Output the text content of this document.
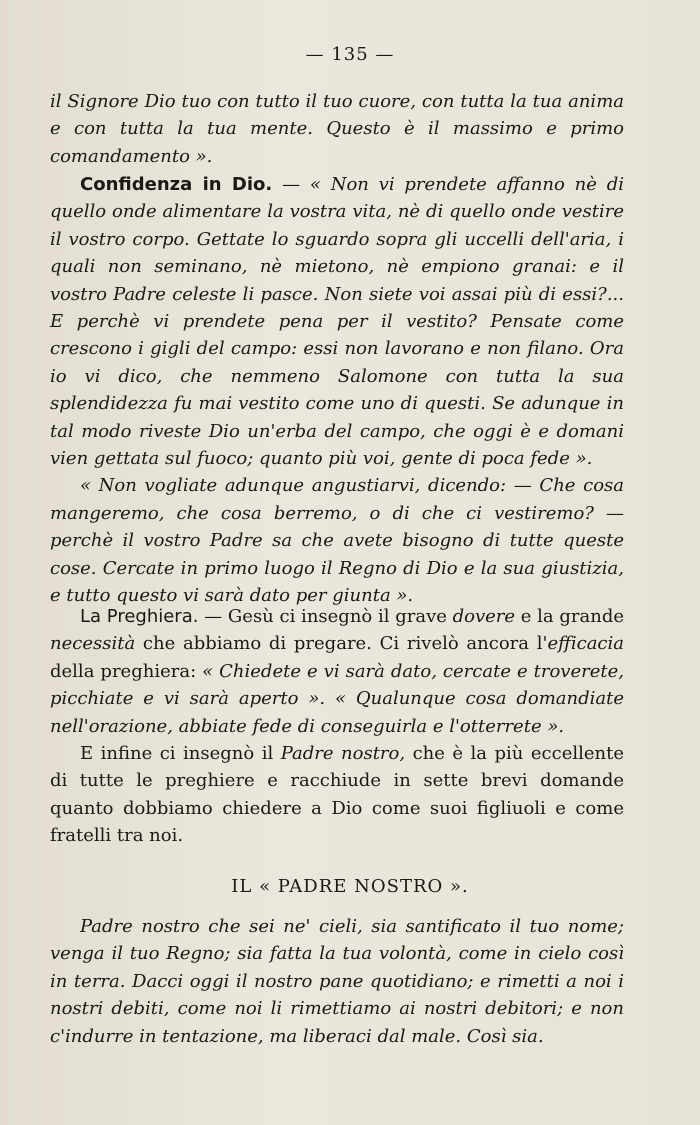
— 135 —

il Signore Dio tuo con tutto il tuo cuore, con tutta la tua anima e con tutta la tua mente. Questo è il massimo e primo comandamento ».

Confidenza in Dio. — « Non vi prendete affanno nè di quello onde alimentare la vostra vita, nè di quello onde vestire il vostro corpo. Gettate lo sguardo sopra gli uccelli dell'aria, i quali non seminano, nè mietono, nè empiono granai: e il vostro Padre celeste li pasce. Non siete voi assai più di essi?... E perchè vi prendete pena per il vestito? Pensate come crescono i gigli del campo: essi non lavorano e non filano. Ora io vi dico, che nemmeno Salomone con tutta la sua splendidezza fu mai vestito come uno di questi. Se adunque in tal modo riveste Dio un'erba del campo, che oggi è e domani vien gettata sul fuoco; quanto più voi, gente di poca fede ».

« Non vogliate adunque angustiarvi, dicendo: — Che cosa mangeremo, che cosa berremo, o di che ci vestiremo? — perchè il vostro Padre sa che avete bisogno di tutte queste cose. Cercate in primo luogo il Regno di Dio e la sua giustizia, e tutto questo vi sarà dato per giunta ».

La Preghiera. — Gesù ci insegnò il grave dovere e la grande necessità che abbiamo di pregare. Ci rivelò ancora l'efficacia della preghiera: « Chiedete e vi sarà dato, cercate e troverete, picchiate e vi sarà aperto ». « Qualunque cosa domandiate nell'orazione, abbiate fede di conseguirla e l'otterrete ».

E infine ci insegnò il Padre nostro, che è la più eccellente di tutte le preghiere e racchiude in sette brevi domande quanto dobbiamo chiedere a Dio come suoi figliuoli e come fratelli tra noi.

IL « PADRE NOSTRO ».

Padre nostro che sei ne' cieli, sia santificato il tuo nome; venga il tuo Regno; sia fatta la tua volontà, come in cielo così in terra. Dacci oggi il nostro pane quotidiano; e rimetti a noi i nostri debiti, come noi li rimettiamo ai nostri debitori; e non c'indurre in tentazione, ma liberaci dal male. Così sia.
